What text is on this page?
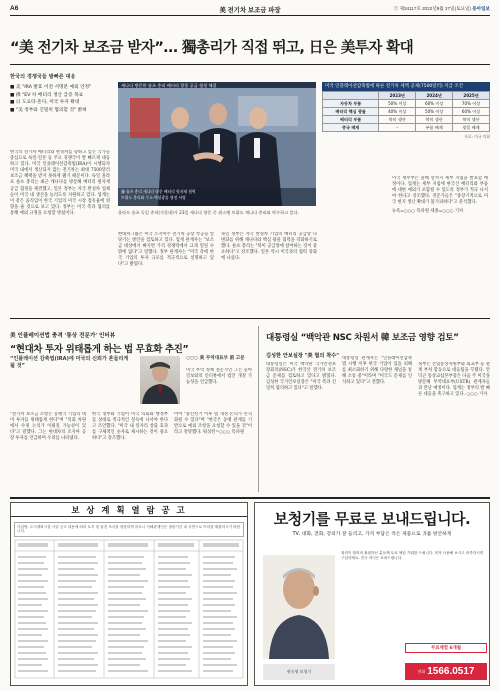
A6	美 전기차 보조금 파장	② 제34117호 2022년8월 27일(토요일) 동아일보
“美 전기차 보조금 받자”… 獨총리가 직접 뛰고, 日은 美투자 확대
한국의 경쟁국들 발빠른 대응
■ 美 "IRA 발효 이전 서명분 예외 인정"
■ 佛 "EV 차 배터리 생산 급증 목표
■ 日 도요타·혼다, 미국 투자 확대
■ "美 정부와 긴밀히 협의할 것" 밝혀
한국의 전기차 배터리와 완성차를 향하고 있는 국가들 중심으로 독일·일본 등 주요 경쟁국이 발 빠르게 대응하고 있다. 미국 인플레이션감축법(IRA)이 시행되자 미국 내에서 생산되지 않는 전기차는 최대 7500달러 보조금 혜택을 받지 못하게 됐기 때문이다. 독일 올라프 숄츠 총리는 최근 캐나다를 방문해 배터리 원자재 공급 협정을 체결했고, 일본 정부는 자국 완성차 업체들이 미국 내 생산을 늘리도록 지원하고 있다. 업계는 이 같은 움직임이 한국 기업의 미국 시장 점유율에 영향을 줄 것으로 보고 있다. 정부는 미국 측과 협의를 통해 예외 규정을 요청할 방침이다.
캐나다 방문한 숄츠 총리 배터리 광물 공급 협정 체결
獨 숄츠 총리 캐나다 방문 배터리 원자재 협력
트뤼도 총리와 수소·핵심광물 협정 서명
올라프 숄츠 독일 총리(가운데)가 23일 캐나다 방문 중 쥐스탱 트뤼도 캐나다 총리와 악수하고 있다.
현대차그룹은 미국 조지아주 전기차 공장 착공을 앞당기는 방안을 검토하고 있다. 업계 관계자는 "보조금 대상에서 빠지면 가격 경쟁력에서 크게 밀릴 수밖에 없다"고 말했다. 정부 관계자는 "미국 측에 한국 기업의 투자 규모를 적극적으로 설명하고 있다"고 밝혔다.
독일 정부는 자국 완성차 기업의 배터리 공급망 다변화를 위해 캐나다와 핵심 광물 협력을 강화하기로 했다. 숄츠 총리는 "북미 공급망에 참여하는 것이 중요하다"고 강조했다. 일본 역시 미국과의 협력 강화에 나섰다.
미국 인플레이션감축법에 따른 전기차 세액 공제(7500달러) 지급 조건
	2023년	2024년	2025년
자동차 부품	50% 이상	60% 이상	70% 이상
배터리 핵심 광물	40% 이상	50% 이상	60% 이상
배터리 부품	북미 생산	북미 생산	북미 생산
중국 배제	–	부품 배제	광물 배제
자료: 미국 의회
미국 재무부는 올해 말까지 세부 지침을 발표할 예정이다. 업계는 세부 지침에 한국산 배터리와 부품에 대한 예외가 포함될 수 있도록 정부가 적극 나서야 한다고 강조했다. 전문가들은 "중장기적으로 미국 현지 생산 확대가 불가피하다"고 분석했다.
뉴욕=○○○ 특파원 세종=○○○ 기자
美 인플레이션법 충격 '통상 전문가' 인터뷰
“현대차 투자 위태롭게 하는 법 무효화 추진”
“인플레이션 감축법(IRA)에 미국의 신뢰가 흔들리게 될 것”
○○○ 美 무역대표부 前 고문
미국 무역 정책 전문가인 그는 동아일보와의 인터뷰에서 법안 개정 가능성을 언급했다.
"전기차 보조금 조항은 동맹국 기업의 대미 투자를 위태롭게 한다"며 "의회 차원에서 수정 논의가 이뤄질 가능성이 있다"고 말했다. 그는 현대차의 조지아 공장 투자를 언급하며 우려를 나타냈다.
한국 정부와 기업이 미국 의회와 행정부를 상대로 적극적인 설득에 나서야 한다고 조언했다. "미국 내 일자리 창출 효과를 구체적인 숫자로 제시하는 것이 중요하다"고 강조했다.
이어 "중간선거 이후 법 개정 논의가 본격화될 수 있다"며 "한국은 동맹 관계를 기반으로 예외 조항을 요청할 수 있을 것"이라고 전망했다. 워싱턴=○○○ 특파원
대통령실 “백악관 NSC 차원서 韓 보조금 영향 검토”
김성한 안보실장 "美 협의 착수"
대통령실은 미국 백악관 국가안전보장회의(NSC)가 한국산 전기차 보조금 문제를 검토하고 있다고 밝혔다. 김성한 국가안보실장은 "미국 측과 긴밀히 협의하고 있다"고 말했다.
대통령실 관계자는 "인플레이션감축법 시행 이후 한국 기업이 입을 피해를 최소화하기 위해 다양한 채널을 통해 소통 중"이라며 "미국도 문제를 인식하고 있다"고 전했다.
정부는 산업통상자원부와 외교부 등 관계 부처 합동으로 대응팀을 꾸렸다. 안덕근 통상교섭본부장은 다음 주 미국을 방문해 무역대표부(USTR) 관계자들과 만날 예정이다. 업계는 정부의 발 빠른 대응을 촉구하고 있다. ○○○ 기자
보 상 계 획 열 람 공 고
사업명: 도시계획시설 사업 공고 내용에 따라 토지 및 물건 조서를 열람하게 하오니 이해관계인은 열람기간 내 서면으로 이의를 제출하시기 바랍니다.
보청기를 무료로 보내드립니다.
TV, 대화, 전화, 강의가 잘 들리고, 가격 부담은 적은 제품으로 귀를 편안하게
청력이 떨어져 불편하신 분들께 무료 체험 기회를 드립니다. 먼저 사용해 보시고 만족하시면 구입하세요. 전국 어디든 보내드립니다.
무료체험 6개월
귀속형 보청기	전화 1566.0517
